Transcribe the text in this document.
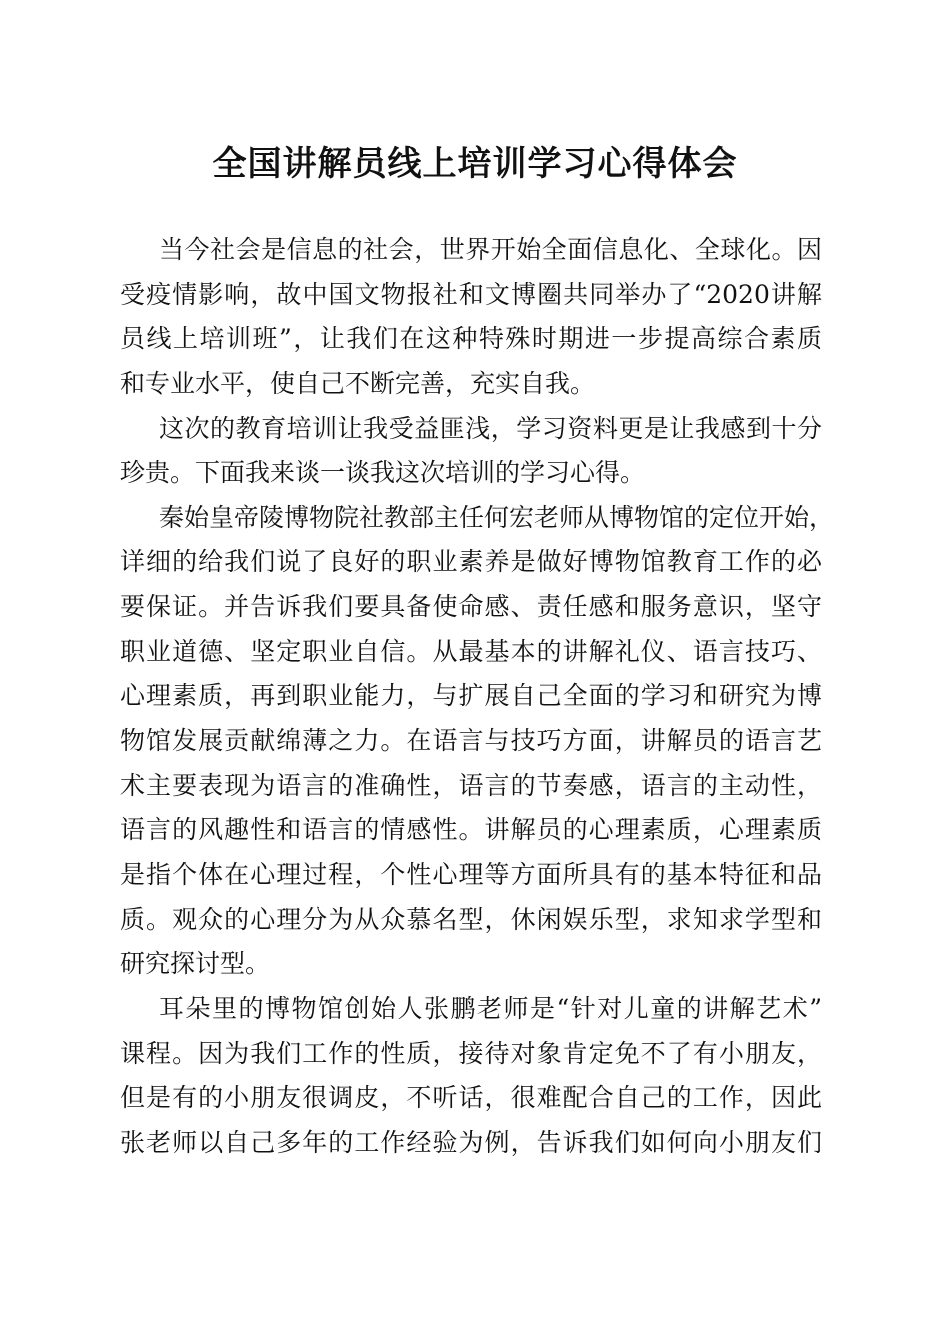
全国讲解员线上培训学习心得体会
当今社会是信息的社会，世界开始全面信息化、全球化。因
受疫情影响，故中国文物报社和文博圈共同举办了“2020讲解
员线上培训班”，让我们在这种特殊时期进一步提高综合素质
和专业水平，使自己不断完善，充实自我。
这次的教育培训让我受益匪浅，学习资料更是让我感到十分
珍贵。下面我来谈一谈我这次培训的学习心得。
秦始皇帝陵博物院社教部主任何宏老师从博物馆的定位开始，
详细的给我们说了良好的职业素养是做好博物馆教育工作的必
要保证。并告诉我们要具备使命感、责任感和服务意识，坚守
职业道德、坚定职业自信。从最基本的讲解礼仪、语言技巧、
心理素质，再到职业能力，与扩展自己全面的学习和研究为博
物馆发展贡献绵薄之力。在语言与技巧方面，讲解员的语言艺
术主要表现为语言的准确性，语言的节奏感，语言的主动性，
语言的风趣性和语言的情感性。讲解员的心理素质，心理素质
是指个体在心理过程，个性心理等方面所具有的基本特征和品
质。观众的心理分为从众慕名型，休闲娱乐型，求知求学型和
研究探讨型。
耳朵里的博物馆创始人张鹏老师是“针对儿童的讲解艺术”
课程。因为我们工作的性质，接待对象肯定免不了有小朋友，
但是有的小朋友很调皮，不听话，很难配合自己的工作，因此
张老师以自己多年的工作经验为例，告诉我们如何向小朋友们
